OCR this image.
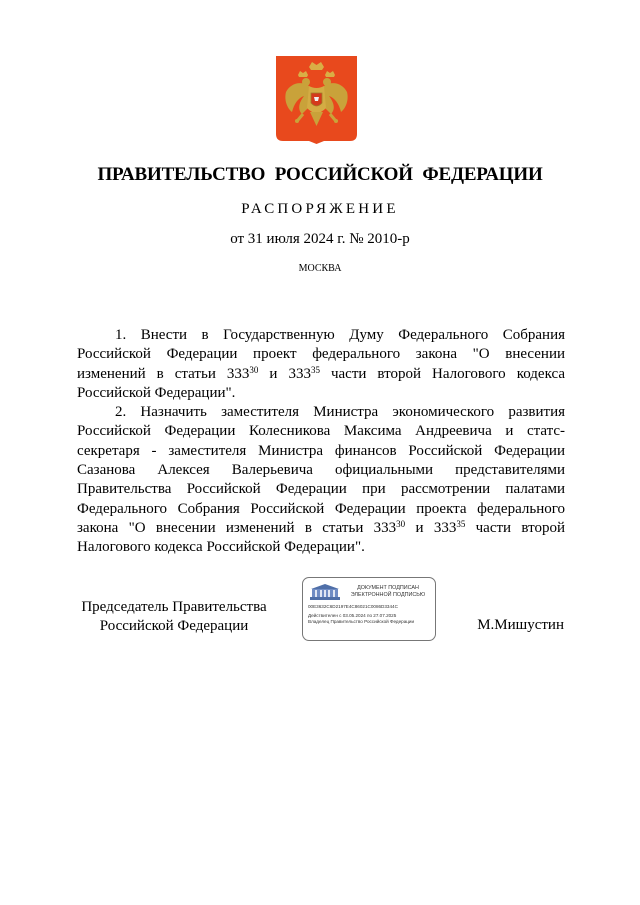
ПРАВИТЕЛЬСТВО РОССИЙСКОЙ ФЕДЕРАЦИИ
РАСПОРЯЖЕНИЕ
от 31 июля 2024 г. № 2010-р
МОСКВА

1. Внести в Государственную Думу Федерального Собрания Российской Федерации проект федерального закона "О внесении изменений в статьи $333^{30}$ и $333^{35}$ части второй Налогового кодекса Российской Федерации".

2. Назначить заместителя Министра экономического развития Российской Федерации Колесникова Максима Андреевича и статс-секретаря - заместителя Министра финансов Российской Федерации Сазанова Алексея Валерьевича официальными представителями Правительства Российской Федерации при рассмотрении палатами Федерального Собрания Российской Федерации проекта федерального закона "О внесении изменений в статьи $333^{30}$ и $333^{35}$ части второй Налогового кодекса Российской Федерации".

Председатель Правительства
Российской Федерации
ДОКУМЕНТ ПОДПИСАН
ЭЛЕКТРОННОЙ ПОДПИСЬЮ
00E3632C6D2197E4C86021C0086D3344C
Действителен с 03.05.2024 по 27.07.2025
Владелец Правительство Российской Федерации	М.Мишустин
